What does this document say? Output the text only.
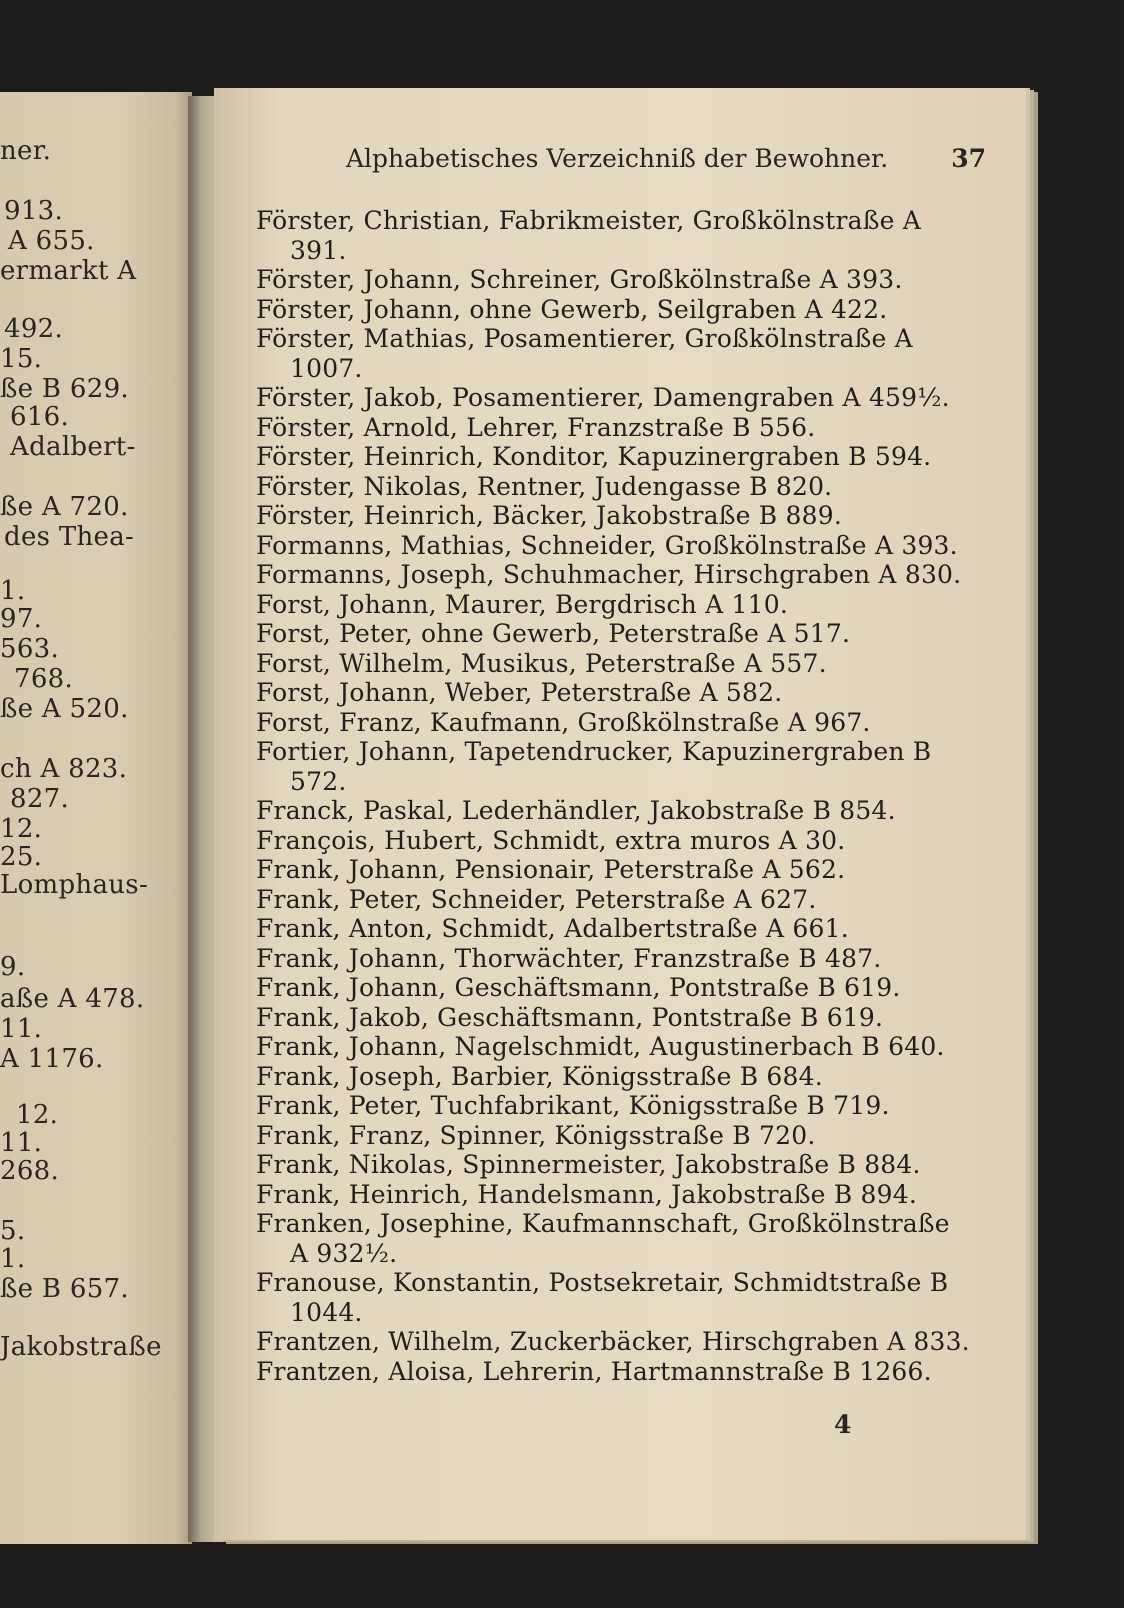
ner.
913.
A 655.
ermarkt A
492.
15.
ße B 629.
616.
Adalbert-
ße A 720.
des Thea-
1.
97.
563.
768.
ße A 520.
ch A 823.
827.
12.
25.
Lomphaus-
9.
aße A 478.
11.
A 1176.
12.
11.
268.
5.
1.
ße B 657.
Jakobstraße
Alphabetisches Verzeichniß der Bewohner.	37
Förster, Christian, Fabrikmeister, Großkölnstraße A 391.
Förster, Johann, Schreiner, Großkölnstraße A 393.
Förster, Johann, ohne Gewerb, Seilgraben A 422.
Förster, Mathias, Posamentierer, Großkölnstraße A 1007.
Förster, Jakob, Posamentierer, Damengraben A 459½.
Förster, Arnold, Lehrer, Franzstraße B 556.
Förster, Heinrich, Konditor, Kapuzinergraben B 594.
Förster, Nikolas, Rentner, Judengasse B 820.
Förster, Heinrich, Bäcker, Jakobstraße B 889.
Formanns, Mathias, Schneider, Großkölnstraße A 393.
Formanns, Joseph, Schuhmacher, Hirschgraben A 830.
Forst, Johann, Maurer, Bergdrisch A 110.
Forst, Peter, ohne Gewerb, Peterstraße A 517.
Forst, Wilhelm, Musikus, Peterstraße A 557.
Forst, Johann, Weber, Peterstraße A 582.
Forst, Franz, Kaufmann, Großkölnstraße A 967.
Fortier, Johann, Tapetendrucker, Kapuzinergraben B 572.
Franck, Paskal, Lederhändler, Jakobstraße B 854.
François, Hubert, Schmidt, extra muros A 30.
Frank, Johann, Pensionair, Peterstraße A 562.
Frank, Peter, Schneider, Peterstraße A 627.
Frank, Anton, Schmidt, Adalbertstraße A 661.
Frank, Johann, Thorwächter, Franzstraße B 487.
Frank, Johann, Geschäftsmann, Pontstraße B 619.
Frank, Jakob, Geschäftsmann, Pontstraße B 619.
Frank, Johann, Nagelschmidt, Augustinerbach B 640.
Frank, Joseph, Barbier, Königsstraße B 684.
Frank, Peter, Tuchfabrikant, Königsstraße B 719.
Frank, Franz, Spinner, Königsstraße B 720.
Frank, Nikolas, Spinnermeister, Jakobstraße B 884.
Frank, Heinrich, Handelsmann, Jakobstraße B 894.
Franken, Josephine, Kaufmannschaft, Großkölnstraße A 932½.
Franouse, Konstantin, Postsekretair, Schmidtstraße B 1044.
Frantzen, Wilhelm, Zuckerbäcker, Hirschgraben A 833.
Frantzen, Aloisa, Lehrerin, Hartmannstraße B 1266.
4
